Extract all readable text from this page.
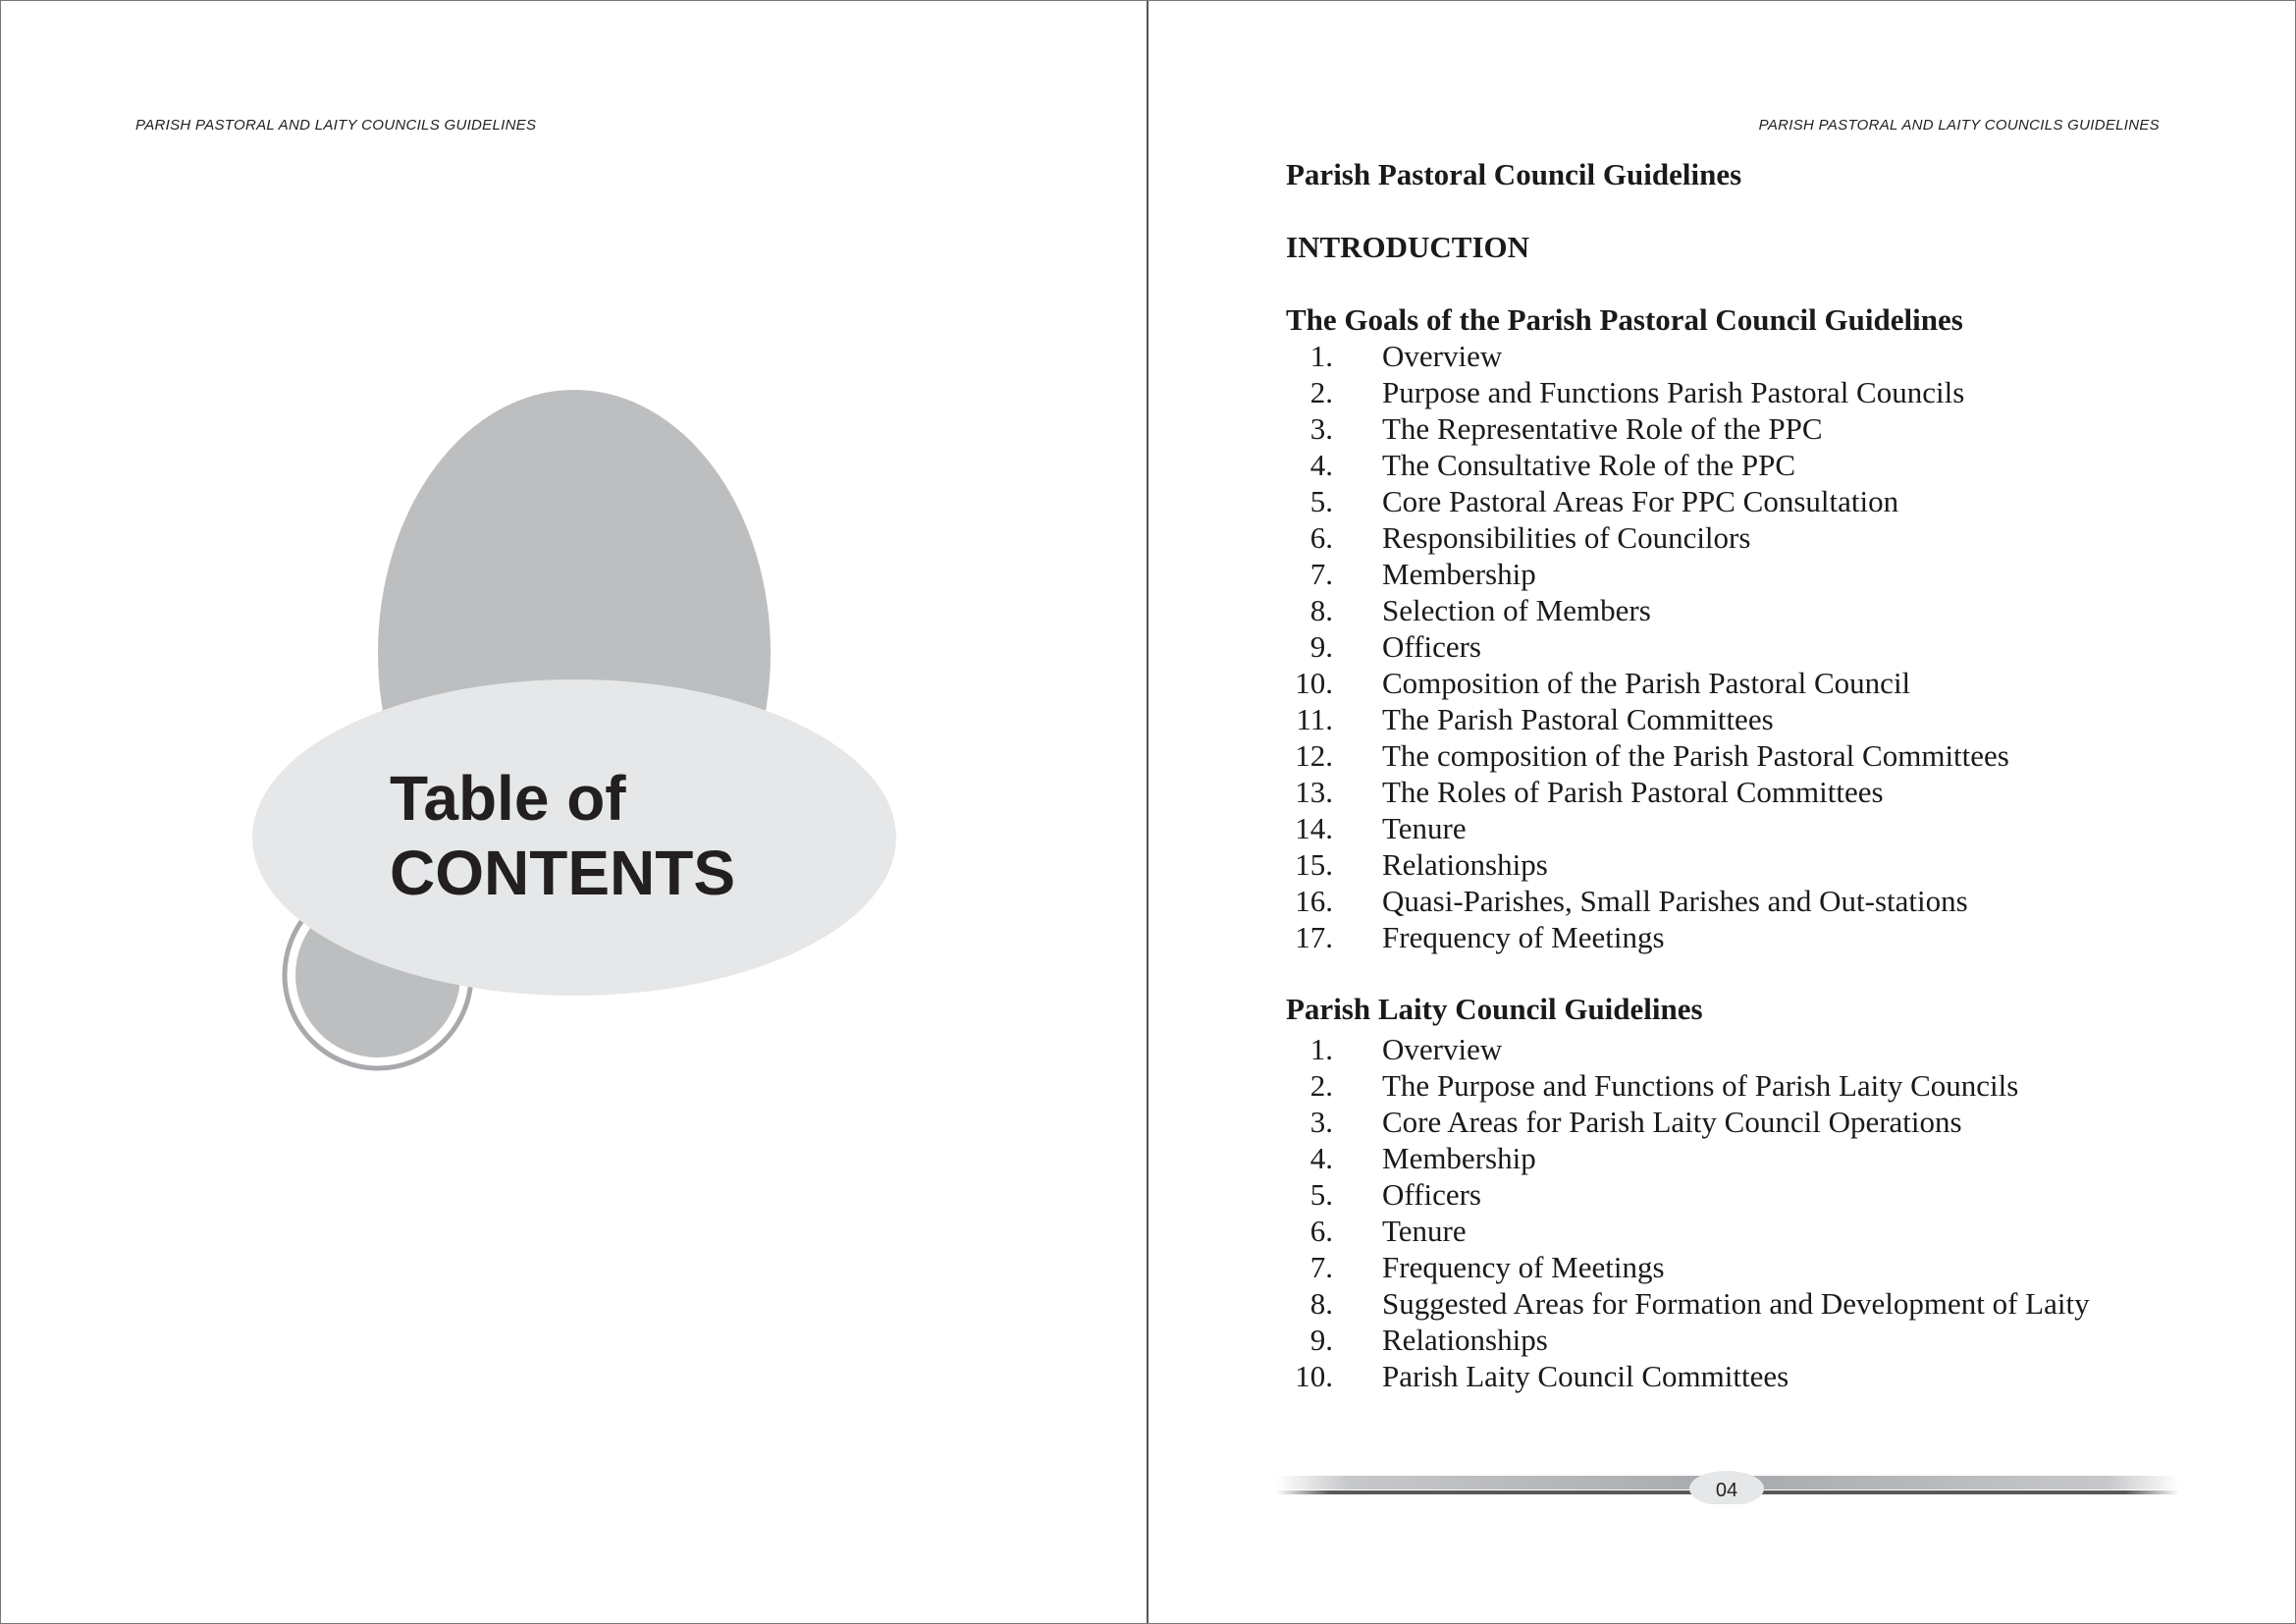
PARISH PASTORAL AND LAITY COUNCILS GUIDELINES
Table of
CONTENTS
PARISH PASTORAL AND LAITY COUNCILS GUIDELINES
Parish Pastoral Council Guidelines
INTRODUCTION
The Goals of the Parish Pastoral Council Guidelines
1. Overview
2. Purpose and Functions Parish Pastoral Councils
3. The Representative Role of the PPC
4. The Consultative Role of the PPC
5. Core Pastoral Areas For PPC Consultation
6. Responsibilities of Councilors
7. Membership
8. Selection of Members
9. Officers
10. Composition of the Parish Pastoral Council
11. The Parish Pastoral Committees
12. The composition of the Parish Pastoral Committees
13. The Roles of Parish Pastoral Committees
14. Tenure
15. Relationships
16. Quasi-Parishes, Small Parishes and Out-stations
17. Frequency of Meetings
Parish Laity Council Guidelines
1. Overview
2. The Purpose and Functions of Parish Laity Councils
3. Core Areas for Parish Laity Council Operations
4. Membership
5. Officers
6. Tenure
7. Frequency of Meetings
8. Suggested Areas for Formation and Development of Laity
9. Relationships
10. Parish Laity Council Committees
04
